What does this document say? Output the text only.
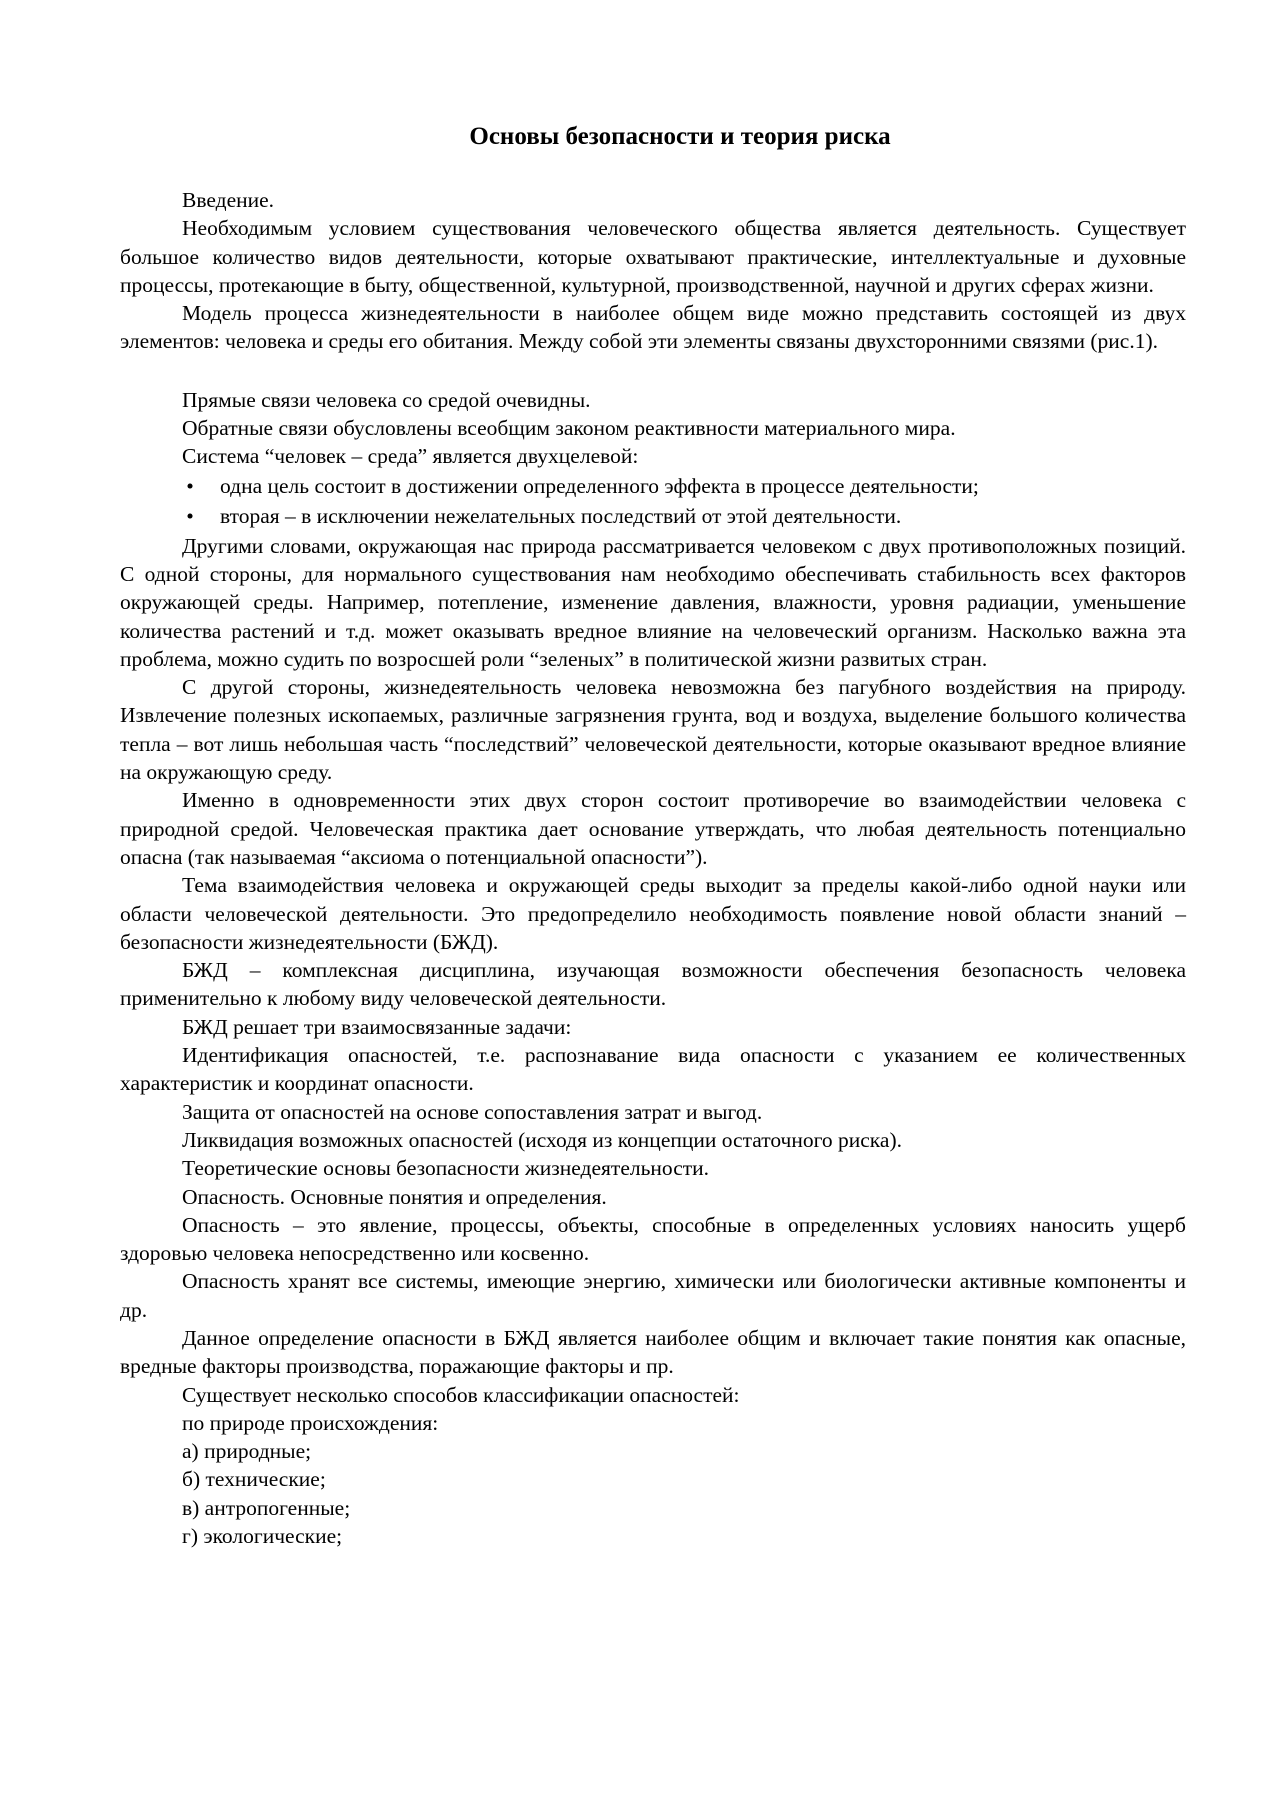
Основы безопасности и теория риска

Введение.

Необходимым условием существования человеческого общества является деятельность. Существует большое количество видов деятельности, которые охватывают практические, интеллектуальные и духовные процессы, протекающие в быту, общественной, культурной, производственной, научной и других сферах жизни.

Модель процесса жизнедеятельности в наиболее общем виде можно представить состоящей из двух элементов: человека и среды его обитания. Между собой эти элементы связаны двухсторонними связями (рис.1).

Прямые связи человека со средой очевидны.

Обратные связи обусловлены всеобщим законом реактивности материального мира.

Система “человек – среда” является двухцелевой:

• одна цель состоит в достижении определенного эффекта в процессе деятельности;
• вторая – в исключении нежелательных последствий от этой деятельности.

Другими словами, окружающая нас природа рассматривается человеком с двух противоположных позиций. С одной стороны, для нормального существования нам необходимо обеспечивать стабильность всех факторов окружающей среды. Например, потепление, изменение давления, влажности, уровня радиации, уменьшение количества растений и т.д. может оказывать вредное влияние на человеческий организм. Насколько важна эта проблема, можно судить по возросшей роли “зеленых” в политической жизни развитых стран.

С другой стороны, жизнедеятельность человека невозможна без пагубного воздействия на природу. Извлечение полезных ископаемых, различные загрязнения грунта, вод и воздуха, выделение большого количества тепла – вот лишь небольшая часть “последствий” человеческой деятельности, которые оказывают вредное влияние на окружающую среду.

Именно в одновременности этих двух сторон состоит противоречие во взаимодействии человека с природной средой. Человеческая практика дает основание утверждать, что любая деятельность потенциально опасна (так называемая “аксиома о потенциальной опасности”).

Тема взаимодействия человека и окружающей среды выходит за пределы какой-либо одной науки или области человеческой деятельности. Это предопределило необходимость появление новой области знаний – безопасности жизнедеятельности (БЖД).

БЖД – комплексная дисциплина, изучающая возможности обеспечения безопасность человека применительно к любому виду человеческой деятельности.

БЖД решает три взаимосвязанные задачи:

Идентификация опасностей, т.е. распознавание вида опасности с указанием ее количественных характеристик и координат опасности.

Защита от опасностей на основе сопоставления затрат и выгод.

Ликвидация возможных опасностей (исходя из концепции остаточного риска).

Теоретические основы безопасности жизнедеятельности.

Опасность. Основные понятия и определения.

Опасность – это явление, процессы, объекты, способные в определенных условиях наносить ущерб здоровью человека непосредственно или косвенно.

Опасность хранят все системы, имеющие энергию, химически или биологически активные компоненты и др.

Данное определение опасности в БЖД является наиболее общим и включает такие понятия как опасные, вредные факторы производства, поражающие факторы и пр.

Существует несколько способов классификации опасностей:

по природе происхождения:

а) природные;

б) технические;

в) антропогенные;

г) экологические;
